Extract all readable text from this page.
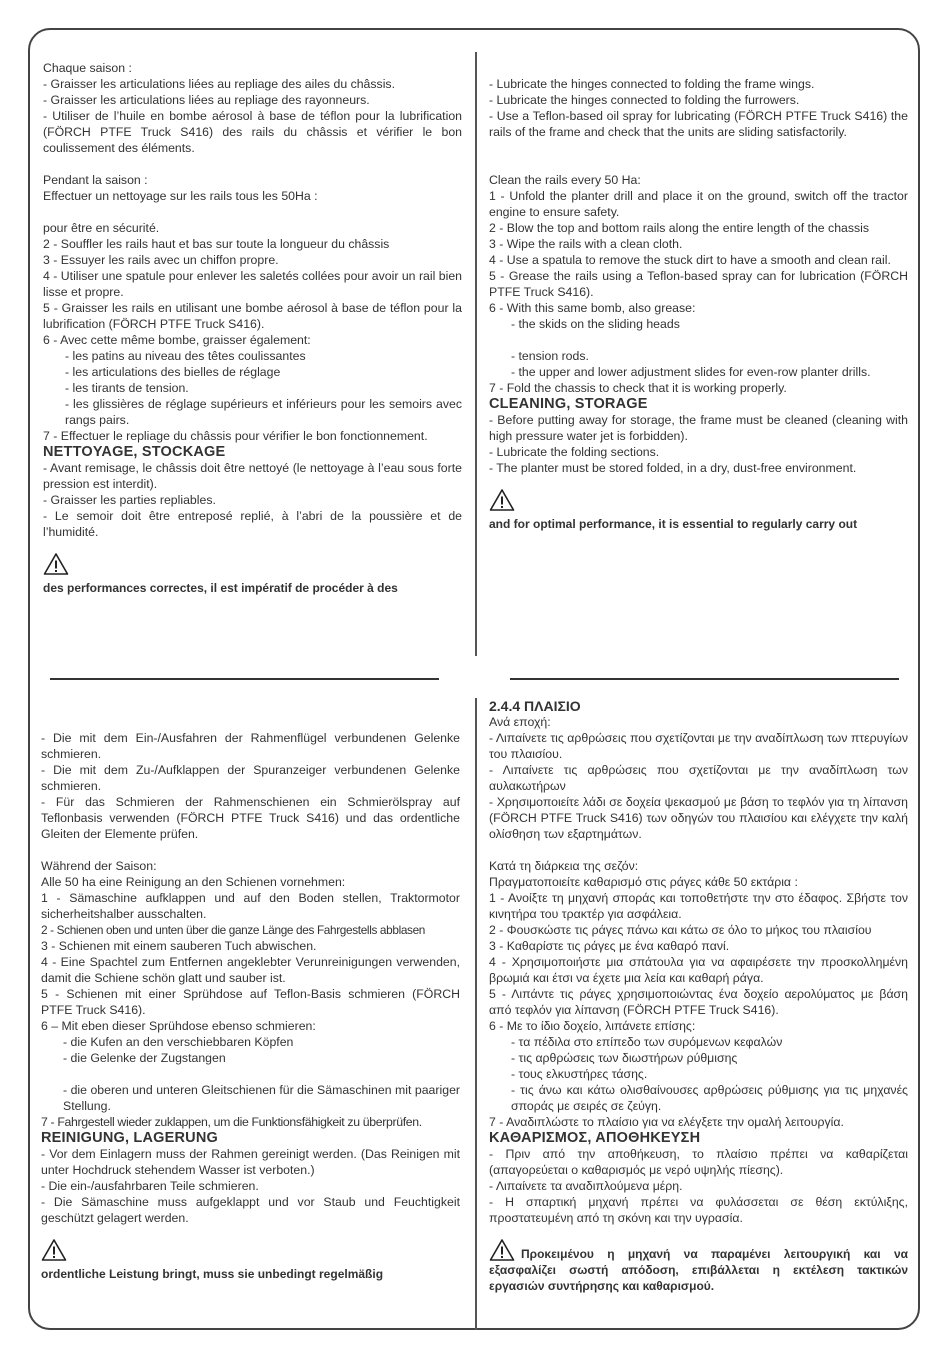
Chaque saison :

- Graisser les articulations liées au repliage des ailes du châssis.

- Graisser les articulations liées au repliage des rayonneurs.

- Utiliser de l’huile en bombe aérosol à base de téflon pour la lubrification (FÖRCH PTFE Truck S416) des rails du châssis et vérifier le bon coulissement des éléments.

Pendant la saison :

Effectuer un nettoyage sur les rails tous les 50Ha :

pour être en sécurité.

2 - Souffler les rails haut et bas sur toute la longueur du châssis

3 - Essuyer les rails avec un chiffon propre.

4 - Utiliser une spatule pour enlever les saletés collées pour avoir un rail bien lisse et propre.

5 - Graisser les rails en utilisant une bombe aérosol à base de téflon pour la lubrification (FÖRCH PTFE Truck S416).

6 - Avec cette même bombe, graisser également:

- les patins au niveau des têtes coulissantes

- les articulations des bielles de réglage

- les tirants de tension.

- les glissières de réglage supérieurs et inférieurs pour les semoirs avec rangs pairs.

7 - Effectuer le repliage du châssis pour vérifier le bon fonctionnement.

NETTOYAGE, STOCKAGE

- Avant remisage, le châssis doit être nettoyé (le nettoyage à l’eau sous forte pression est interdit).

- Graisser les parties repliables.

- Le semoir doit être entreposé replié, à l’abri de la poussière et de l’humidité.

des performances correctes, il est impératif de procéder à des

- Lubricate the hinges connected to folding the frame wings.

- Lubricate the hinges connected to folding the furrowers.

- Use a Teflon-based oil spray for lubricating (FÖRCH PTFE Truck S416) the rails of the frame and check that the units are sliding satisfactorily.

Clean the rails every 50 Ha:

1 - Unfold the planter drill and place it on the ground, switch off the tractor engine to ensure safety.

2 - Blow the top and bottom rails along the entire length of the chassis

3 - Wipe the rails with a clean cloth.

4 - Use a spatula to remove the stuck dirt to have a smooth and clean rail.

5 - Grease the rails using a Teflon-based spray can for lubrication (FÖRCH PTFE Truck S416).

6 - With this same bomb, also grease:

- the skids on the sliding heads

- tension rods.

- the upper and lower adjustment slides for even-row planter drills.

7 - Fold the chassis to check that it is working properly.

CLEANING, STORAGE

- Before putting away for storage, the frame must be cleaned (cleaning with high pressure water jet is forbidden).

- Lubricate the folding sections.

- The planter must be stored folded, in a dry, dust-free environment.

and for optimal performance, it is essential to regularly carry out

- Die mit dem Ein-/Ausfahren der Rahmenflügel verbundenen Gelenke schmieren.

- Die mit dem Zu-/Aufklappen der Spuranzeiger verbundenen Gelenke schmieren.

- Für das Schmieren der Rahmenschienen ein Schmierölspray auf Teflonbasis verwenden (FÖRCH PTFE Truck S416) und das ordentliche Gleiten der Elemente prüfen.

Während der Saison:

Alle 50 ha eine Reinigung an den Schienen vornehmen:

1 - Sämaschine aufklappen und auf den Boden stellen, Traktormotor sicherheitshalber ausschalten.

2 - Schienen oben und unten über die ganze Länge des Fahrgestells abblasen

3 - Schienen mit einem sauberen Tuch abwischen.

4 - Eine Spachtel zum Entfernen angeklebter Verunreinigungen verwenden, damit die Schiene schön glatt und sauber ist.

5 - Schienen mit einer Sprühdose auf Teflon-Basis schmieren (FÖRCH PTFE Truck S416).

6 – Mit eben dieser Sprühdose ebenso schmieren:

- die Kufen an den verschiebbaren Köpfen

- die Gelenke der Zugstangen

- die oberen und unteren Gleitschienen für die Sämaschinen mit paariger Stellung.

7 - Fahrgestell wieder zuklappen, um die Funktionsfähigkeit zu überprüfen.

REINIGUNG, LAGERUNG

- Vor dem Einlagern muss der Rahmen gereinigt werden. (Das Reinigen mit unter Hochdruck stehendem Wasser ist verboten.)

- Die ein-/ausfahrbaren Teile schmieren.

- Die Sämaschine muss aufgeklappt und vor Staub und Feuchtigkeit geschützt gelagert werden.

ordentliche Leistung bringt, muss sie unbedingt regelmäßig

2.4.4 ΠΛΑΙΣΙΟ

Ανά εποχή:

- Λιπαίνετε τις αρθρώσεις που σχετίζονται με την αναδίπλωση των πτερυγίων του πλαισίου.

- Λιπαίνετε τις αρθρώσεις που σχετίζονται με την αναδίπλωση των αυλακωτήρων

- Χρησιμοποιείτε λάδι σε δοχεία ψεκασμού με βάση το τεφλόν για τη λίπανση (FÖRCH PTFE Truck S416) των οδηγών του πλαισίου και ελέγχετε την καλή ολίσθηση των εξαρτημάτων.

Κατά τη διάρκεια της σεζόν:

Πραγματοποιείτε καθαρισμό στις ράγες κάθε 50 εκτάρια :

1 - Ανοίξτε τη μηχανή σποράς και τοποθετήστε την στο έδαφος. Σβήστε τον κινητήρα του τρακτέρ για ασφάλεια.

2 - Φουσκώστε τις ράγες πάνω και κάτω σε όλο το μήκος του πλαισίου

3 - Καθαρίστε τις ράγες με ένα καθαρό πανί.

4 - Χρησιμοποιήστε μια σπάτουλα για να αφαιρέσετε την προσκολλημένη βρωμιά και έτσι να έχετε μια λεία και καθαρή ράγα.

5 - Λιπάντε τις ράγες χρησιμοποιώντας ένα δοχείο αερολύματος με βάση από τεφλόν για λίπανση (FÖRCH PTFE Truck S416).

6 - Με το ίδιο δοχείο, λιπάνετε επίσης:

- τα πέδιλα στο επίπεδο των συρόμενων κεφαλών

- τις αρθρώσεις των διωστήρων ρύθμισης

- τους ελκυστήρες τάσης.

- τις άνω και κάτω ολισθαίνουσες αρθρώσεις ρύθμισης για τις μηχανές σποράς με σειρές σε ζεύγη.

7 - Αναδιπλώστε το πλαίσιο για να ελέγξετε την ομαλή λειτουργία.

ΚΑΘΑΡΙΣΜΟΣ, ΑΠΟΘΗΚΕΥΣΗ

- Πριν από την αποθήκευση, το πλαίσιο πρέπει να καθαρίζεται (απαγορεύεται ο καθαρισμός με νερό υψηλής πίεσης).

- Λιπαίνετε τα αναδιπλούμενα μέρη.

- Η σπαρτική μηχανή πρέπει να φυλάσσεται σε θέση εκτύλιξης, προστατευμένη από τη σκόνη και την υγρασία.

Προκειμένου η μηχανή να παραμένει λειτουργική και να εξασφαλίζει σωστή απόδοση, επιβάλλεται η εκτέλεση τακτικών εργασιών συντήρησης και καθαρισμού.
